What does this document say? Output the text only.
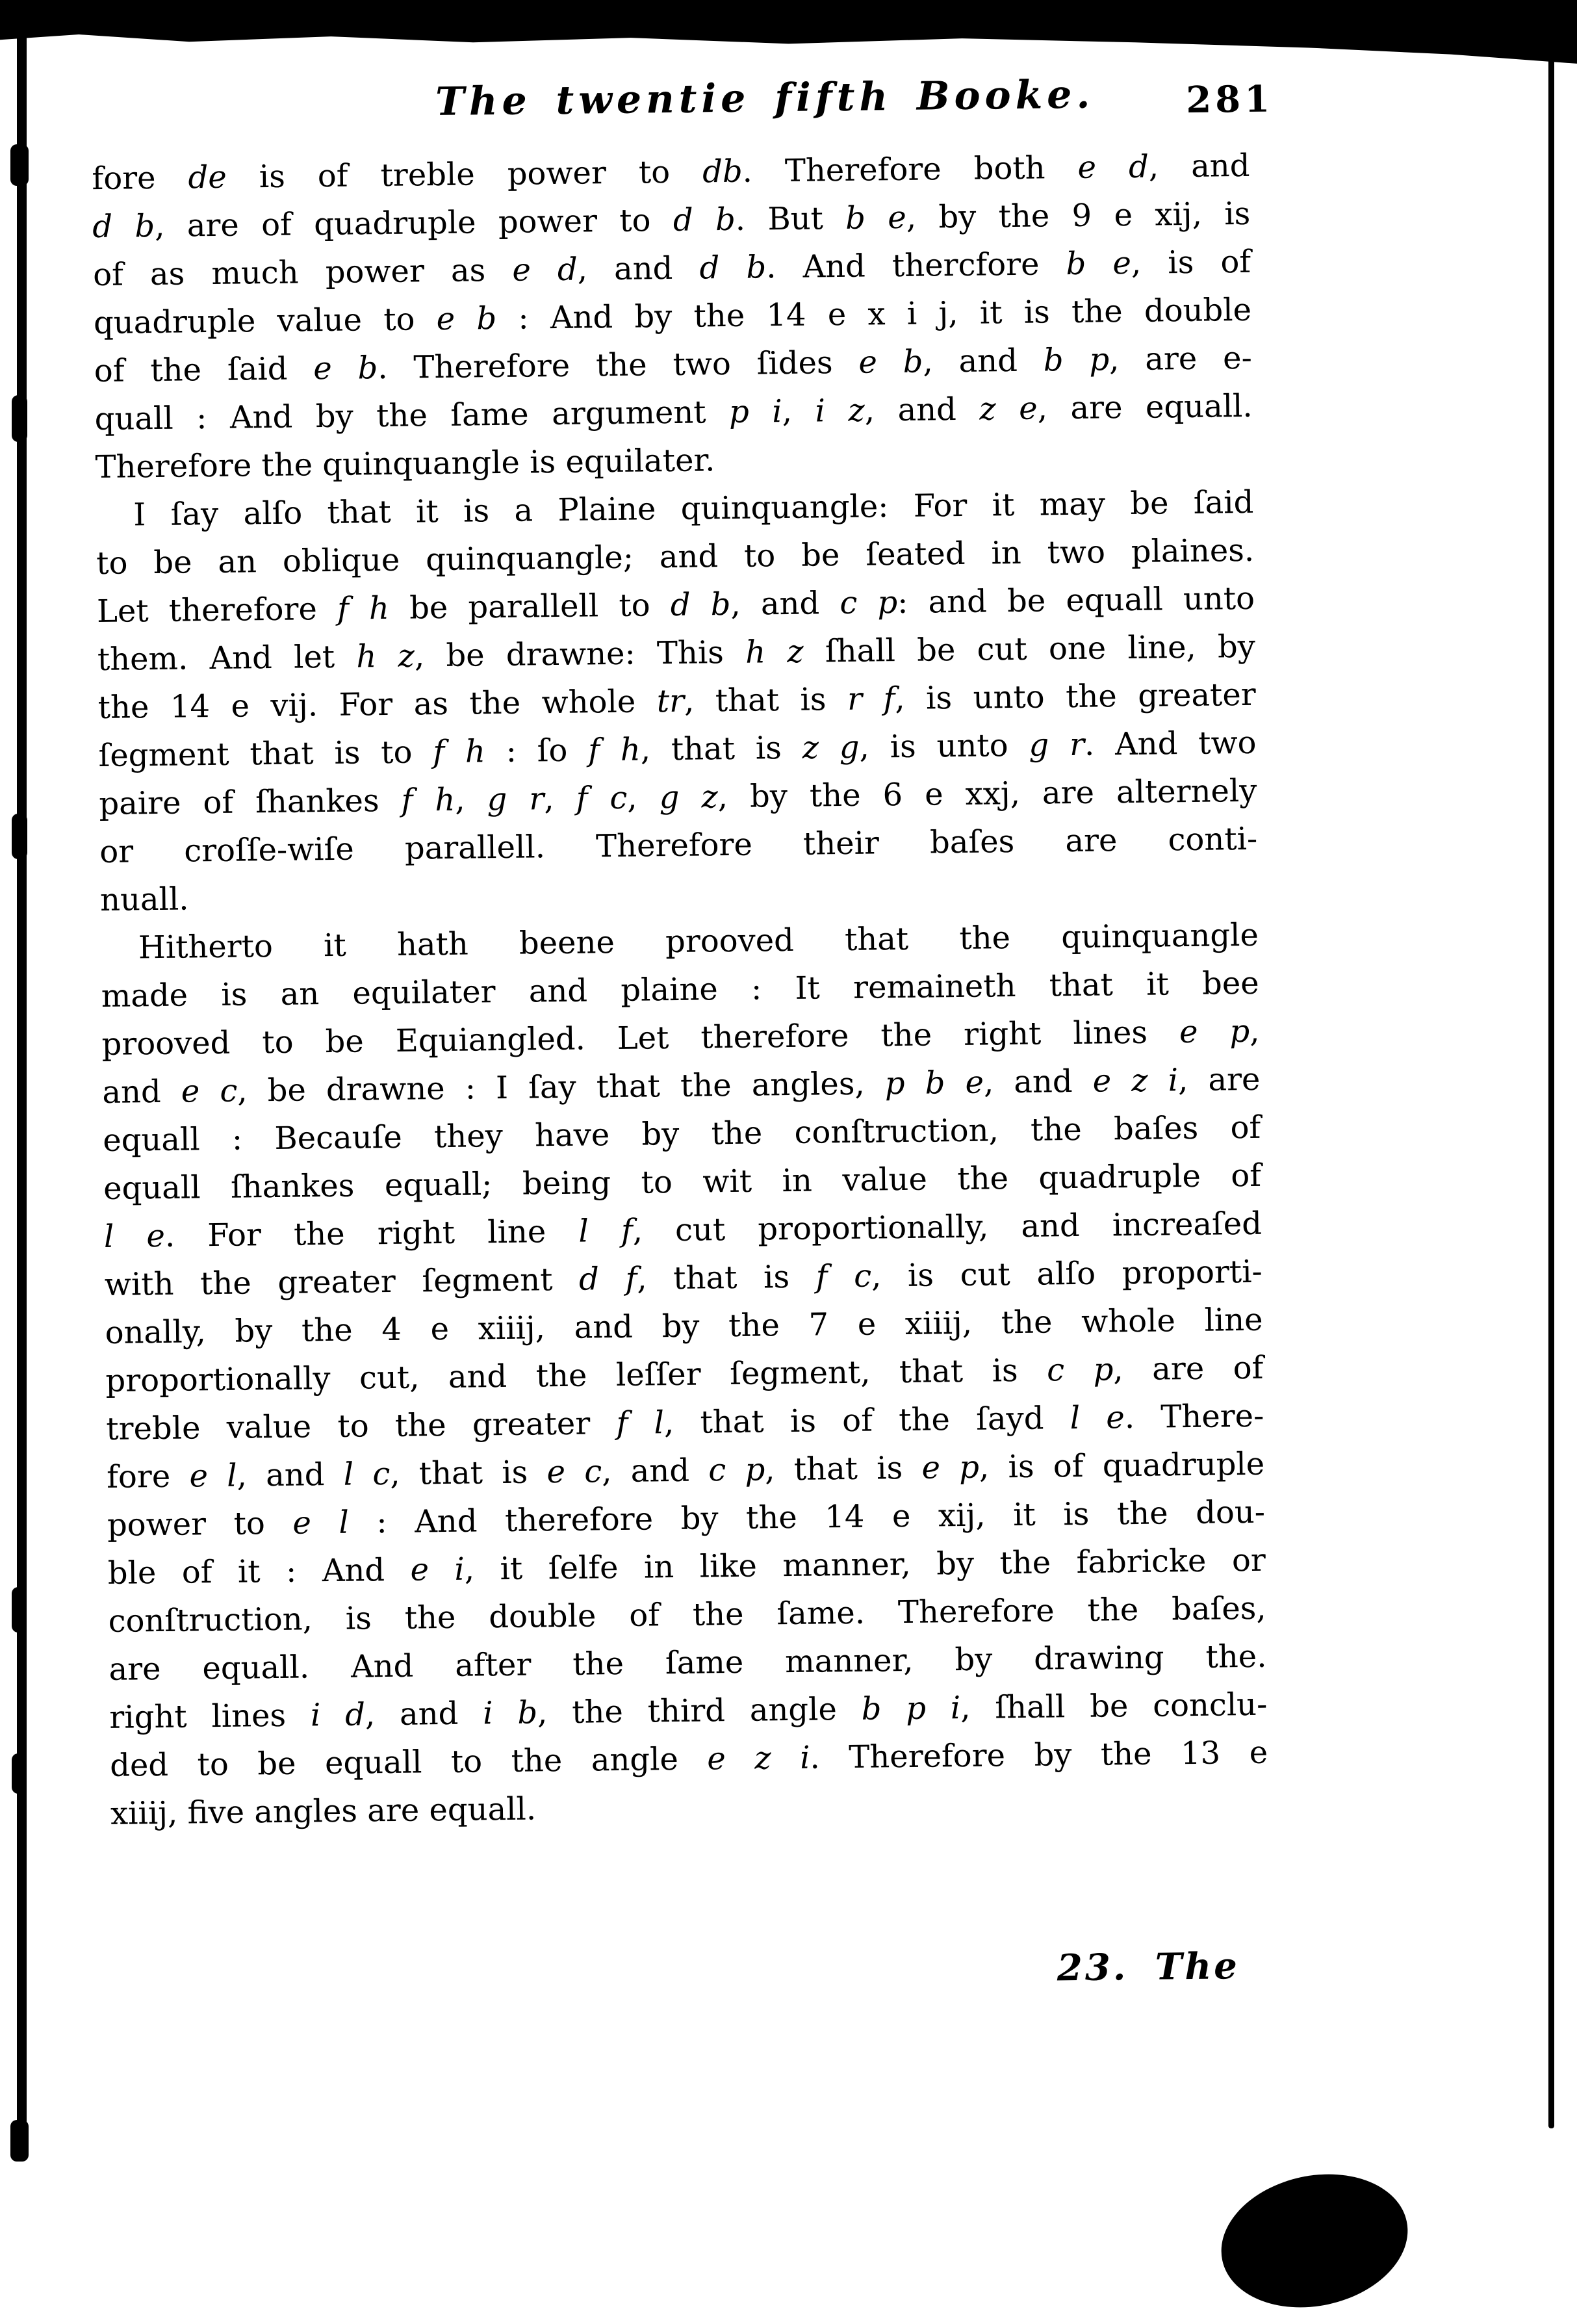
The twentie fifth Booke.	281

fore de is of treble power to db. Therefore both e d, and

d b, are of quadruple power to d b. But b e, by the 9 e xij, is

of as much power as e d, and d b. And thercfore b e, is of

quadruple value to e b : And by the 14 e x i j, it is the double

of the ſaid e b. Therefore the two ſides e b, and b p, are e-

quall : And by the ſame argument p i, i z, and z e, are equall.

Therefore the quinquangle is equilater.

I ſay alſo that it is a Plaine quinquangle: For it may be ſaid

to be an oblique quinquangle; and to be ſeated in two plaines.

Let therefore f h be parallell to d b, and c p: and be equall unto

them. And let h z, be drawne: This h z ſhall be cut one line, by

the 14 e vij. For as the whole tr, that is r f, is unto the greater

ſegment that is to f h : ſo f h, that is z g, is unto g r. And two

paire of ſhankes f h, g r, f c, g z, by the 6 e xxj, are alternely

or croſſe-wiſe parallell. Therefore their baſes are conti-

nuall.

Hitherto it hath beene prooved that the quinquangle

made is an equilater and plaine : It remaineth that it bee

prooved to be Equiangled. Let therefore the right lines e p,

and e c, be drawne : I ſay that the angles, p b e, and e z i, are

equall : Becauſe they have by the conſtruction, the baſes of

equall ſhankes equall; being to wit in value the quadruple of

l e. For the right line l f, cut proportionally, and increaſed

with the greater ſegment d f, that is f c, is cut alſo proporti-

onally, by the 4 e xiiij, and by the 7 e xiiij, the whole line

proportionally cut, and the leſſer ſegment, that is c p, are of

treble value to the greater f l, that is of the ſayd l e. There-

fore e l, and l c, that is e c, and c p, that is e p, is of quadruple

power to e l : And therefore by the 14 e xij, it is the dou-

ble of it : And e i, it ſelfe in like manner, by the fabricke or

conſtruction, is the double of the ſame. Therefore the baſes,

are equall. And after the ſame manner, by drawing the.

right lines i d, and i b, the third angle b p i, ſhall be conclu-

ded to be equall to the angle e z i. Therefore by the 13 e

xiiij, five angles are equall.

23. The
